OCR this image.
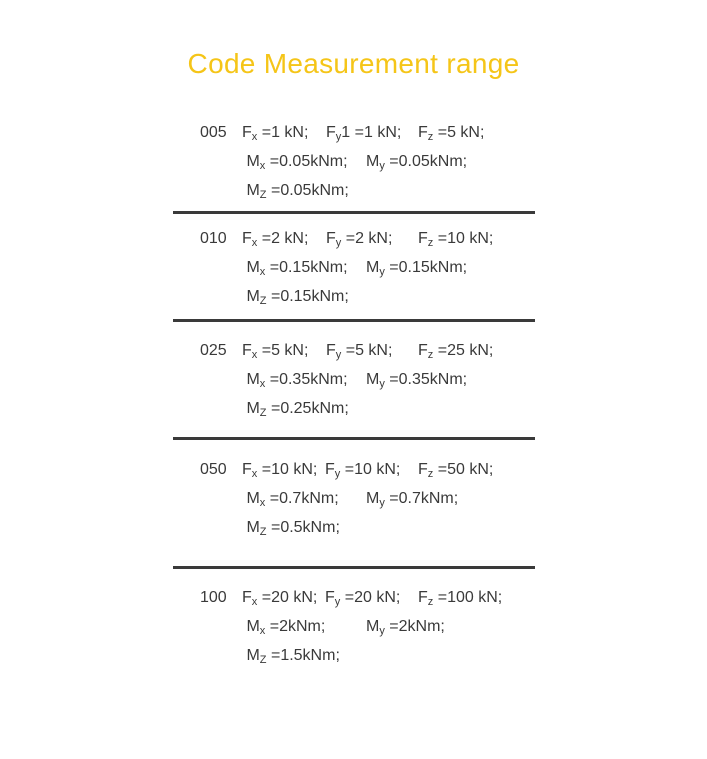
Code Measurement range
005 $F_x =1$ kN; $F_y1 =1$ kN; $F_z =5$ kN;
$M_x =0.05kNm$; $M_y =0.05kNm$;
$M_Z =0.05kNm$;
010 $F_x =2$ kN; $F_y =2$ kN; $F_z =10$ kN;
$M_x =0.15kNm$; $M_y =0.15kNm$;
$M_Z =0.15kNm$;
025 $F_x =5$ kN; $F_y =5$ kN; $F_z =25$ kN;
$M_x =0.35kNm$; $M_y =0.35kNm$;
$M_Z =0.25kNm$;
050 $F_x =10$ kN; $F_y =10$ kN; $F_z =50$ kN;
$M_x =0.7kNm$; $M_y =0.7kNm$;
$M_Z =0.5kNm$;
100 $F_x =20$ kN; $F_y =20$ kN; $F_z =100$ kN;
$M_x =2kNm$;	$M_y =2kNm$;
$M_Z =1.5kNm$;
